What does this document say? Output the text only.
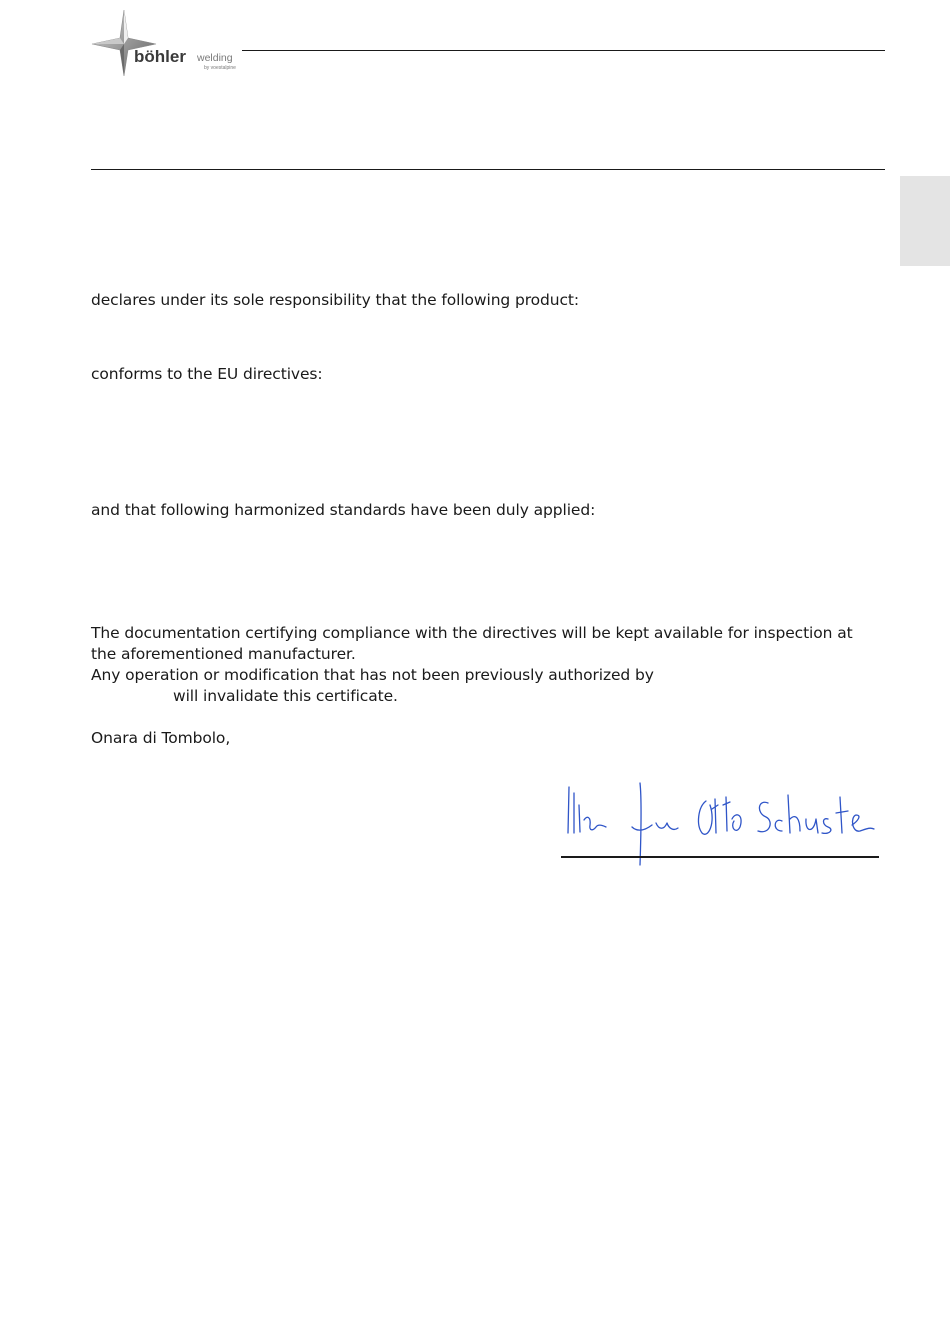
böhler welding
by voestalpine
declares under its sole responsibility that the following product:
conforms to the EU directives:
and that following harmonized standards have been duly applied:
The documentation certifying compliance with the directives will be kept available for inspection at
the aforementioned manufacturer.
Any operation or modification that has not been previously authorized by
will invalidate this certificate.
Onara di Tombolo,
